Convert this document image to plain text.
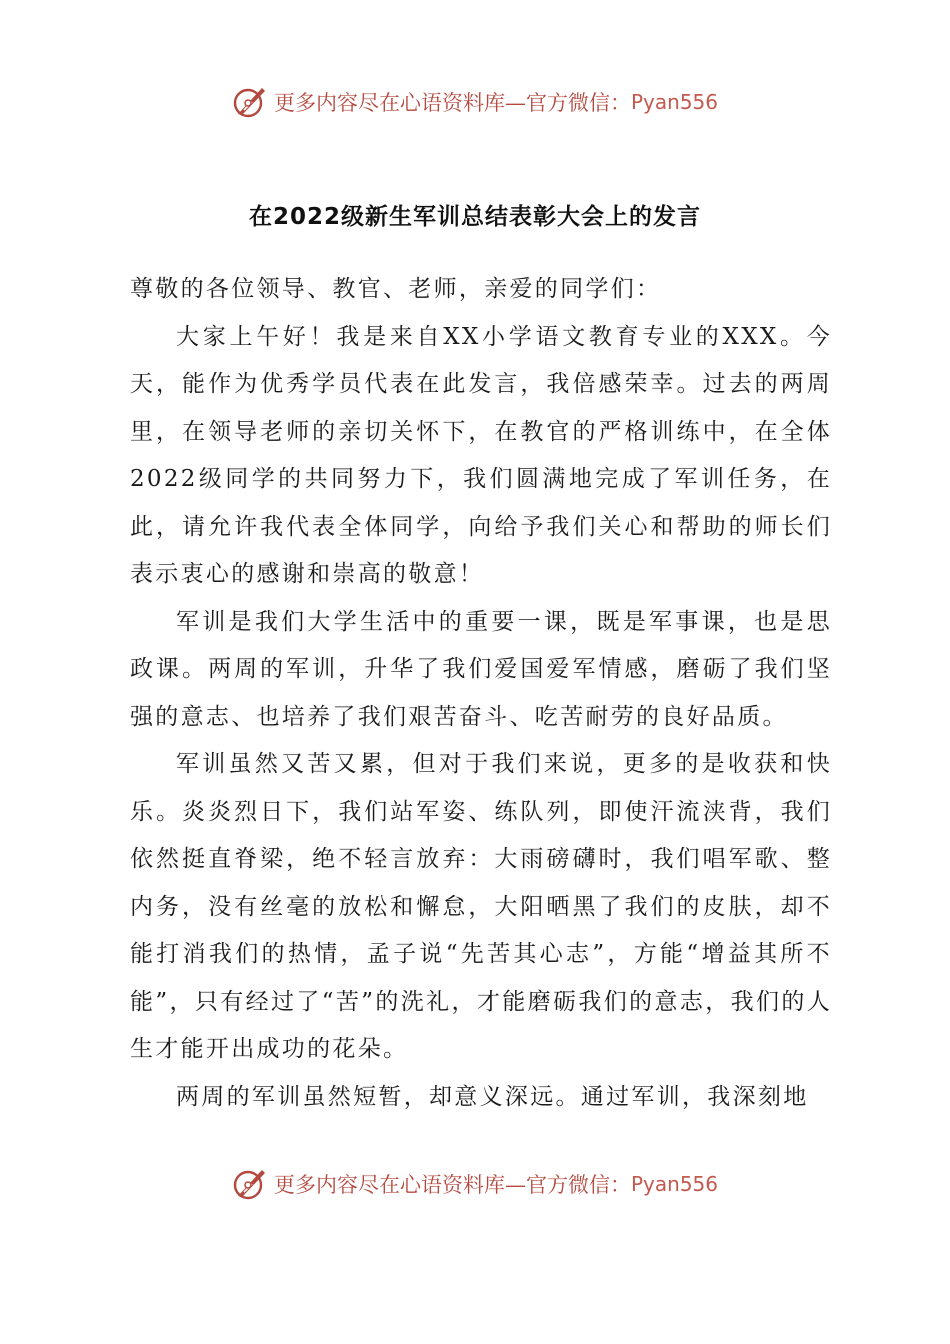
更多内容尽在心语资料库—官方微信： Pyan556
在2022级新生军训总结表彰大会上的发言

尊敬的各位领导、教官、老师，亲爱的同学们：

大家上午好！我是来自XX小学语文教育专业的XXX。今天，能作为优秀学员代表在此发言，我倍感荣幸。过去的两周里，在领导老师的亲切关怀下，在教官的严格训练中，在全体2022级同学的共同努力下，我们圆满地完成了军训任务，在此，请允许我代表全体同学，向给予我们关心和帮助的师长们表示衷心的感谢和崇高的敬意！

军训是我们大学生活中的重要一课，既是军事课，也是思政课。两周的军训，升华了我们爱国爱军情感，磨砺了我们坚强的意志、也培养了我们艰苦奋斗、吃苦耐劳的良好品质。

军训虽然又苦又累，但对于我们来说，更多的是收获和快乐。炎炎烈日下，我们站军姿、练队列，即使汗流浃背，我们依然挺直脊梁，绝不轻言放弃：大雨磅礴时，我们唱军歌、整内务，没有丝毫的放松和懈怠，大阳晒黑了我们的皮肤，却不能打消我们的热情，孟子说“先苦其心志”，方能“增益其所不能”，只有经过了“苦”的洗礼，才能磨砺我们的意志，我们的人生才能开出成功的花朵。

两周的军训虽然短暂，却意义深远。通过军训，我深刻地

更多内容尽在心语资料库—官方微信： Pyan556
